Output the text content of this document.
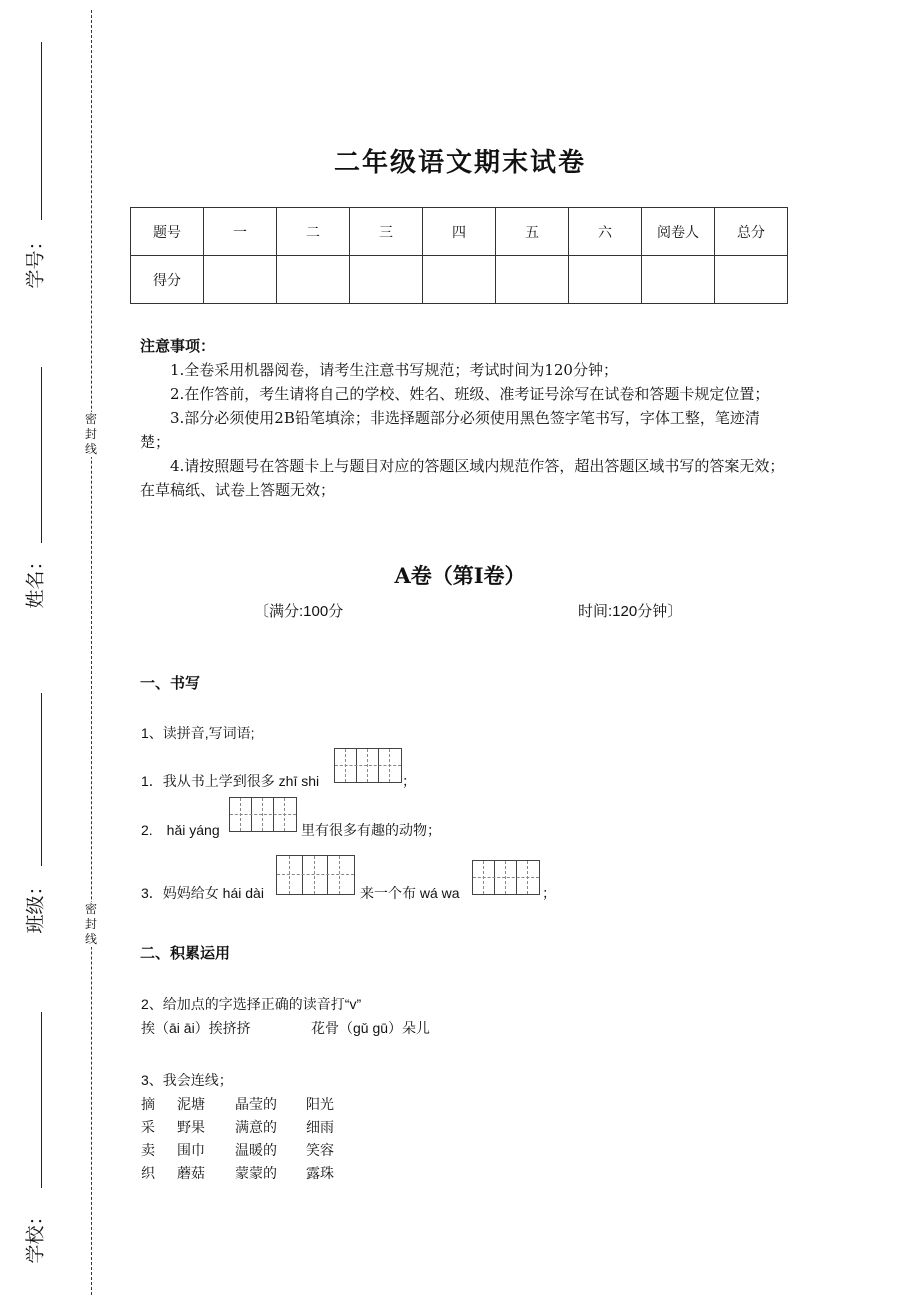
学号：
姓名：
班级：
学校：
密封线
密封线
二年级语文期末试卷
题号	一	二	三	四	五	六	阅卷人	总分
得分								

注意事项：

1.全卷采用机器阅卷，请考生注意书写规范；考试时间为120分钟；

2.在作答前，考生请将自己的学校、姓名、班级、准考证号涂写在试卷和答题卡规定位置；

3.部分必须使用2B铅笔填涂；非选择题部分必须使用黑色签字笔书写，字体工整，笔迹清楚；

4.请按照题号在答题卡上与题目对应的答题区域内规范作答，超出答题区域书写的答案无效；在草稿纸、试卷上答题无效；

A卷（第I卷）
〔满分:100分	时间:120分钟〕
一、书写
1、读拼音,写词语;
1．我从书上学到很多 zhī shi	；
2.　hǎi yáng	里有很多有趣的动物；
3．妈妈给女 hái dài	来一个布 wá wa	；
二、积累运用
2、给加点的字选择正确的读音打“v”
挨（āi āi）挨挤挤	花骨（gǔ gū）朵儿
3、我会连线；
摘 泥塘 晶莹的 阳光
采 野果 满意的 细雨
卖 围巾 温暖的 笑容
织 蘑菇 蒙蒙的 露珠
